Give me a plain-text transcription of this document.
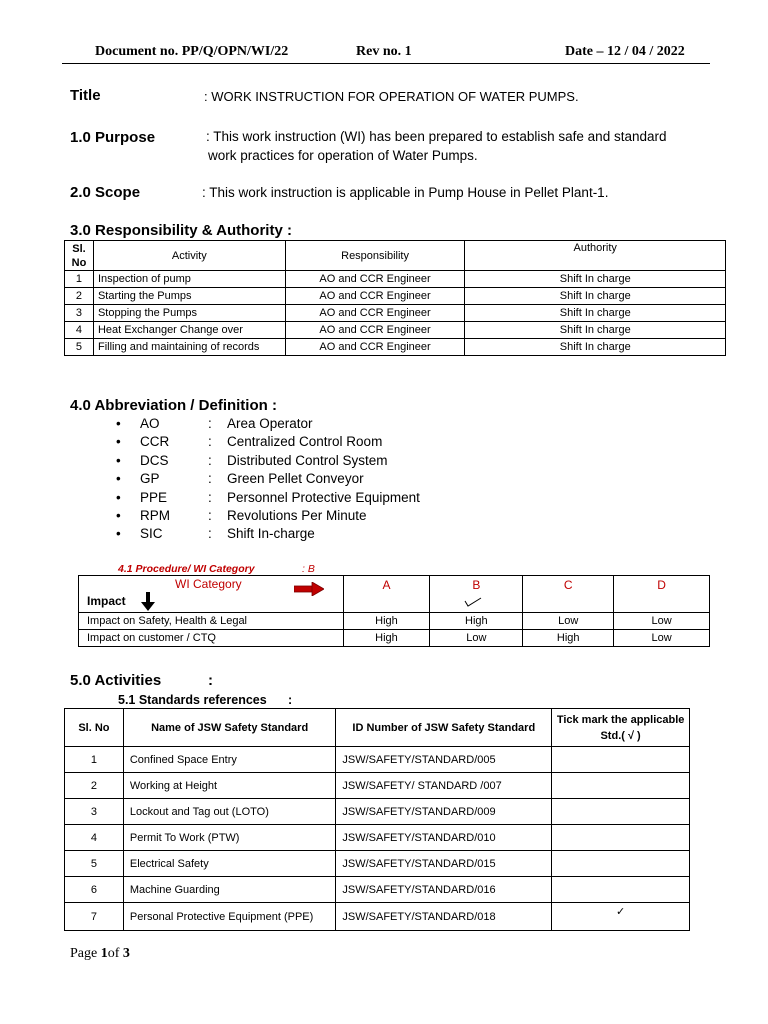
Document no. PP/Q/OPN/WI/22	Rev no. 1	Date – 12 / 04 / 2022
Title	: WORK INSTRUCTION FOR OPERATION OF WATER PUMPS.
1.0 Purpose	: This work instruction (WI) has been prepared to establish safe and standard
work practices for operation of Water Pumps.
2.0 Scope	: This work instruction is applicable in Pump House in Pellet Plant-1.
3.0 Responsibility & Authority :
Sl. No	Activity	Responsibility	Authority
1	Inspection of pump	AO and CCR Engineer	Shift In charge
2	Starting the Pumps	AO and CCR Engineer	Shift In charge
3	Stopping the Pumps	AO and CCR Engineer	Shift In charge
4	Heat Exchanger Change over	AO and CCR Engineer	Shift In charge
5	Filling and maintaining of records	AO and CCR Engineer	Shift In charge
4.0 Abbreviation / Definition :
• AO	: Area Operator
• CCR	: Centralized Control Room
• DCS	: Distributed Control System
• GP	: Green Pellet Conveyor
• PPE	: Personnel Protective Equipment
• RPM	: Revolutions Per Minute
• SIC	: Shift In-charge
4.1 Procedure/ WI Category	: B
WI Category
Impact	A	B	C	D
Impact on Safety, Health & Legal	High	High	Low	Low
Impact on customer / CTQ	High	Low	High	Low
5.0 Activities	:
5.1 Standards references :
Sl. No	Name of JSW Safety Standard	ID Number of JSW Safety Standard	Tick mark the applicable Std.( √ )
1	Confined Space Entry	JSW/SAFETY/STANDARD/005	
2	Working at Height	JSW/SAFETY/ STANDARD /007	
3	Lockout and Tag out (LOTO)	JSW/SAFETY/STANDARD/009	
4	Permit To Work (PTW)	JSW/SAFETY/STANDARD/010	
5	Electrical Safety	JSW/SAFETY/STANDARD/015	
6	Machine Guarding	JSW/SAFETY/STANDARD/016	
7	Personal Protective Equipment (PPE)	JSW/SAFETY/STANDARD/018	✓
Page 1of 3
